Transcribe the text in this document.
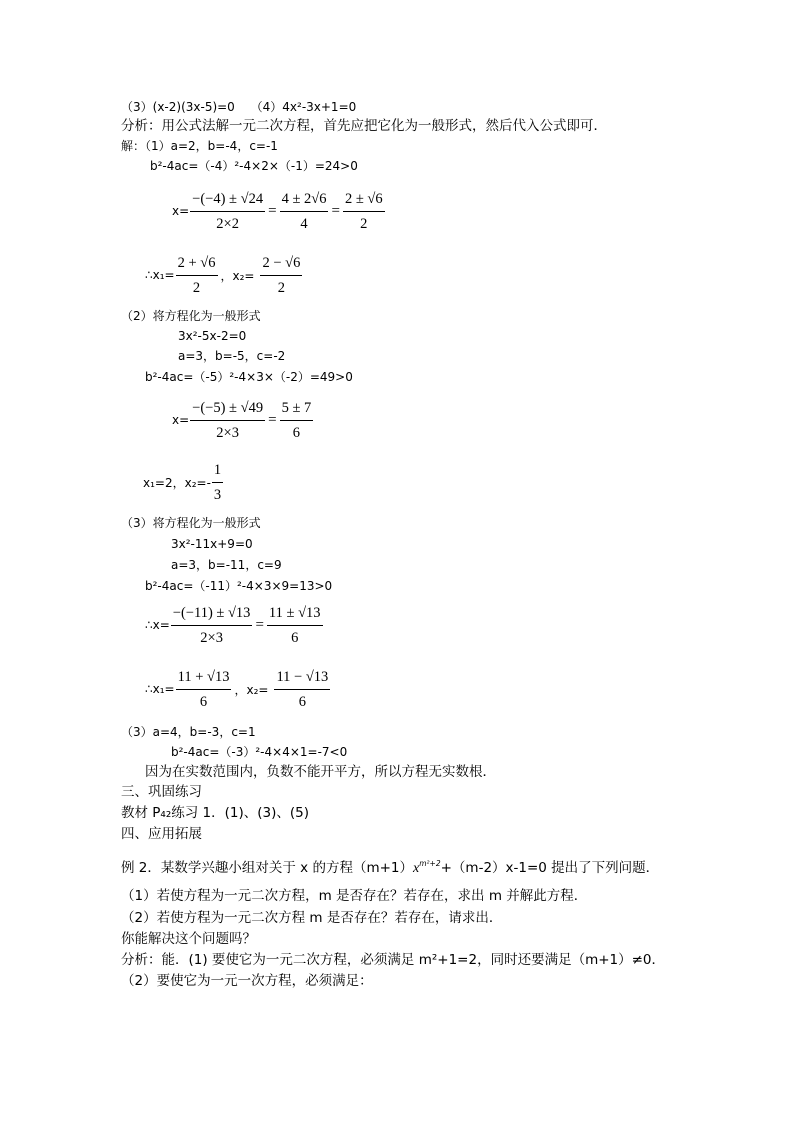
（3）(x-2)(3x-5)=0　 （4）4x²-3x+1=0
分析：用公式法解一元二次方程，首先应把它化为一般形式，然后代入公式即可．
解：（1）a=2，b=-4，c=-1
b²-4ac=（-4）²-4×2×（-1）=24>0
$x= \frac{-(-4) \pm √24}{2\times 2} = \frac{4 \pm 2√6}{4} = \frac{2 \pm √6}{2}$
∴x₁= $\frac{2 + √6}{2}$ ，$x_2= \frac{2 - √6}{2}$
（2）将方程化为一般形式
3x²-5x-2=0
a=3，b=-5，c=-2
b²-4ac=（-5）²-4×3×（-2）=49>0
$x= \frac{-(-5) \pm √49}{2\times 3} = \frac{5 \pm 7}{6}$
x₁=2，$x_2=- \frac{1}{3}$
（3）将方程化为一般形式
3x²-11x+9=0
a=3，b=-11，c=9
b²-4ac=（-11）²-4×3×9=13>0
∴x= $\frac{-(-11) \pm √13}{2\times 3} = \frac{11 \pm √13}{6}$
∴x₁= $\frac{11 + √13}{6}$ ，$x_2= \frac{11 - √13}{6}$
（3）a=4，b=-3，c=1
b²-4ac=（-3）²-4×4×1=-7<0
因为在实数范围内，负数不能开平方，所以方程无实数根．
三、巩固练习
教材 P₄₂练习 1．(1)、(3)、(5)
四、应用拓展
例 2．某数学兴趣小组对关于 x 的方程$(m+1)x^{m^2+2}+(m-2)x-1=0$ 提出了下列问题．
（1）若使方程为一元二次方程，m 是否存在？若存在，求出 m 并解此方程．
（2）若使方程为一元二次方程 m 是否存在？若存在，请求出．
你能解决这个问题吗？
分析：能．(1) 要使它为一元二次方程，必须满足 m²+1=2，同时还要满足（m+1）≠0．
（2）要使它为一元一次方程，必须满足：
